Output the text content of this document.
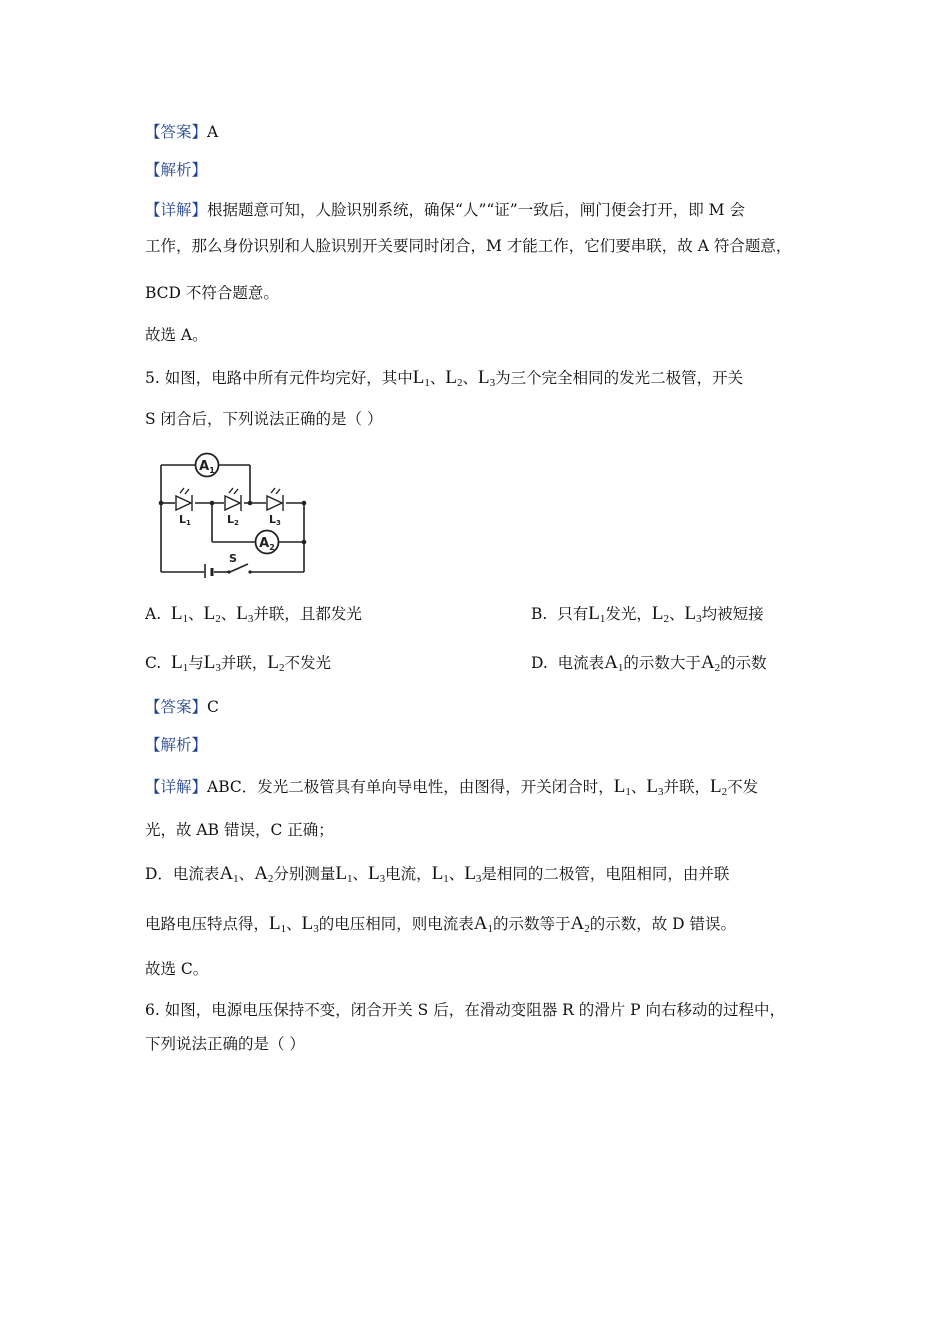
【答案】A
【解析】
【详解】根据题意可知，人脸识别系统，确保“人”“证”一致后，闸门便会打开，即 M 会
工作，那么身份识别和人脸识别开关要同时闭合，M 才能工作，它们要串联，故 A 符合题意，
BCD 不符合题意。
故选 A。
5. 如图，电路中所有元件均完好，其中$L_1$、$L_2$、$L_3$为三个完全相同的发光二极管，开关
S 闭合后，下列说法正确的是（ ）
$A_1$
$A_2$
L1	L2	L3
S
A. $L_1$、$L_2$、$L_3$并联，且都发光	B. 只有$L_1$发光，$L_2$、$L_3$均被短接
C. $L_1$与$L_3$并联，$L_2$不发光	D. 电流表$A_1$的示数大于$A_2$的示数
【答案】C
【解析】
【详解】ABC．发光二极管具有单向导电性，由图得，开关闭合时，$L_1$、$L_3$并联，$L_2$不发
光，故 AB 错误，C 正确；
D．电流表$A_1$、$A_2$分别测量$L_1$、$L_3$电流，$L_1$、$L_3$是相同的二极管，电阻相同，由并联
电路电压特点得，$L_1$、$L_3$的电压相同，则电流表$A_1$的示数等于$A_2$的示数，故 D 错误。
故选 C。
6. 如图，电源电压保持不变，闭合开关 S 后，在滑动变阻器 R 的滑片 P 向右移动的过程中，
下列说法正确的是（ ）
